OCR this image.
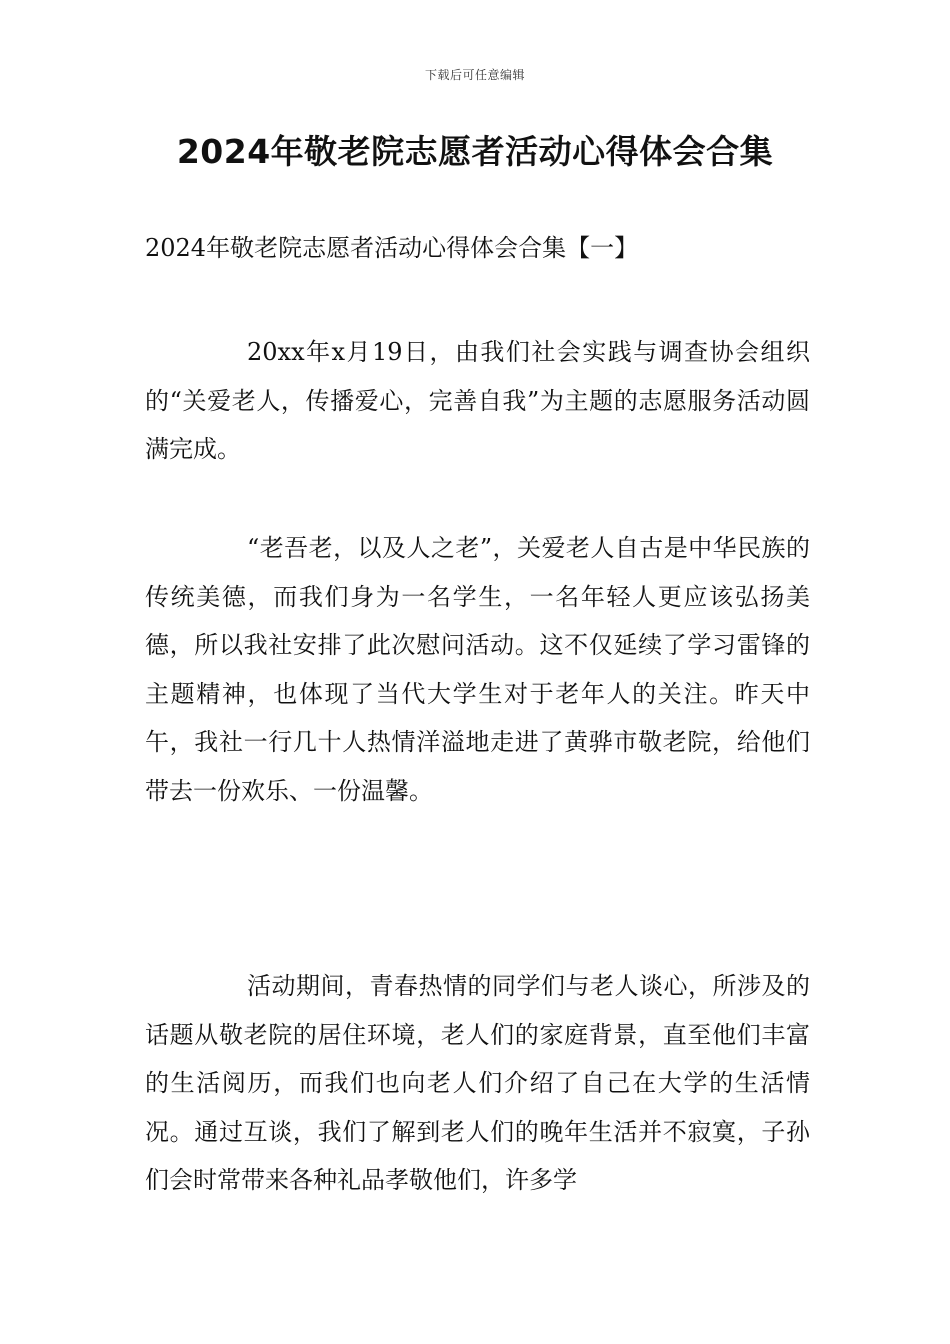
下载后可任意编辑
2024年敬老院志愿者活动心得体会合集
2024年敬老院志愿者活动心得体会合集【一】

20xx年x月19日，由我们社会实践与调查协会组织的“关爱老人，传播爱心，完善自我”为主题的志愿服务活动圆满完成。

“老吾老，以及人之老”，关爱老人自古是中华民族的传统美德，而我们身为一名学生，一名年轻人更应该弘扬美德，所以我社安排了此次慰问活动。这不仅延续了学习雷锋的主题精神，也体现了当代大学生对于老年人的关注。昨天中午，我社一行几十人热情洋溢地走进了黄骅市敬老院，给他们带去一份欢乐、一份温馨。

活动期间，青春热情的同学们与老人谈心，所涉及的话题从敬老院的居住环境，老人们的家庭背景，直至他们丰富的生活阅历，而我们也向老人们介绍了自己在大学的生活情况。通过互谈，我们了解到老人们的晚年生活并不寂寞，子孙们会时常带来各种礼品孝敬他们，许多学
